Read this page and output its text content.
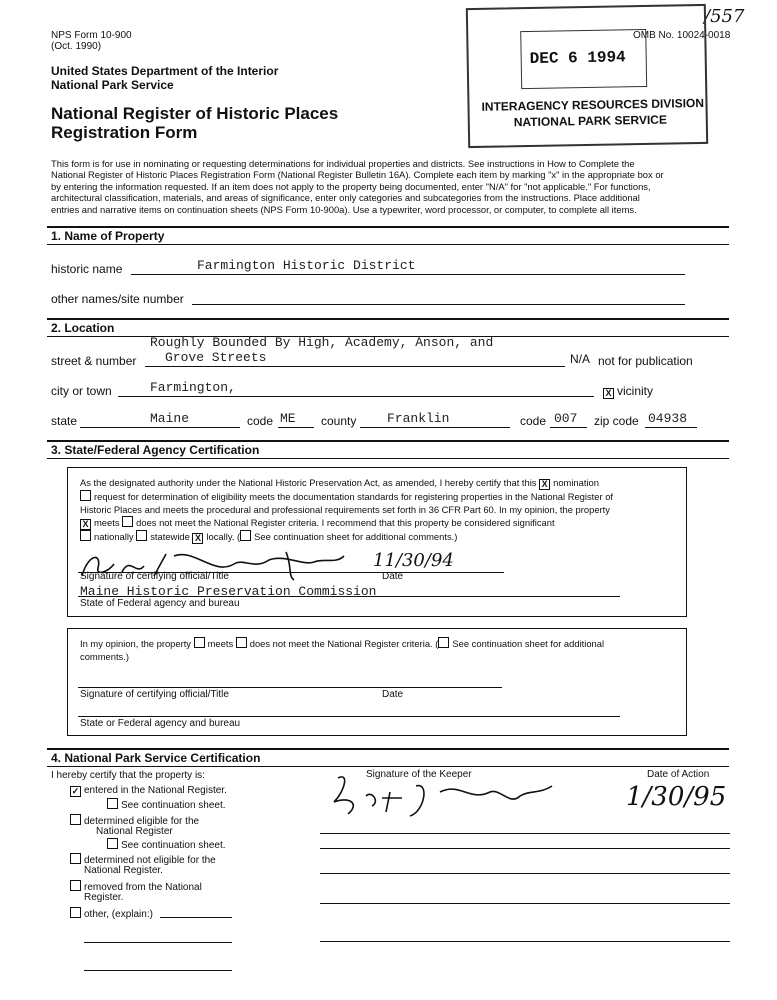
NPS Form 10-900
(Oct. 1990)
OMB No. 10024-0018
/557
United States Department of the Interior
National Park Service
National Register of Historic Places
Registration Form
DEC 6 1994
INTERAGENCY RESOURCES DIVISION
NATIONAL PARK SERVICE
This form is for use in nominating or requesting determinations for individual properties and districts. See instructions in How to Complete the
National Register of Historic Places Registration Form (National Register Bulletin 16A). Complete each item by marking "x" in the appropriate box or
by entering the information requested. If an item does not apply to the property being documented, enter "N/A" for "not applicable." For functions,
architectural classification, materials, and areas of significance, enter only categories and subcategories from the instructions. Place additional
entries and narrative items on continuation sheets (NPS Form 10-900a). Use a typewriter, word processor, or computer, to complete all items.
1. Name of Property
historic name	Farmington Historic District
other names/site number
2. Location
Roughly Bounded By High, Academy, Anson, and
street & number Grove Streets	N/A not for publication
city or town	Farmington,	X vicinity
state	Maine	code ME county Franklin	code 007 zip code 04938
3. State/Federal Agency Certification
As the designated authority under the National Historic Preservation Act, as amended, I hereby certify that this X nomination
request for determination of eligibility meets the documentation standards for registering properties in the National Register of
Historic Places and meets the procedural and professional requirements set forth in 36 CFR Part 60. In my opinion, the property
X meets does not meet the National Register criteria. I recommend that this property be considered significant
nationally statewide X locally. ( See continuation sheet for additional comments.)
11/30/94
Signature of certifying official/Title	Date
Maine Historic Preservation Commission
State of Federal agency and bureau
In my opinion, the property meets does not meet the National Register criteria. ( See continuation sheet for additional
comments.)
Signature of certifying official/Title	Date
State or Federal agency and bureau
4. National Park Service Certification
I hereby certify that the property is:	Signature of the Keeper	Date of Action
✓ entered in the National Register.
See continuation sheet.
determined eligible for the
National Register
See continuation sheet.
determined not eligible for the
National Register.
removed from the National
Register.
other, (explain:)
1/30/95
